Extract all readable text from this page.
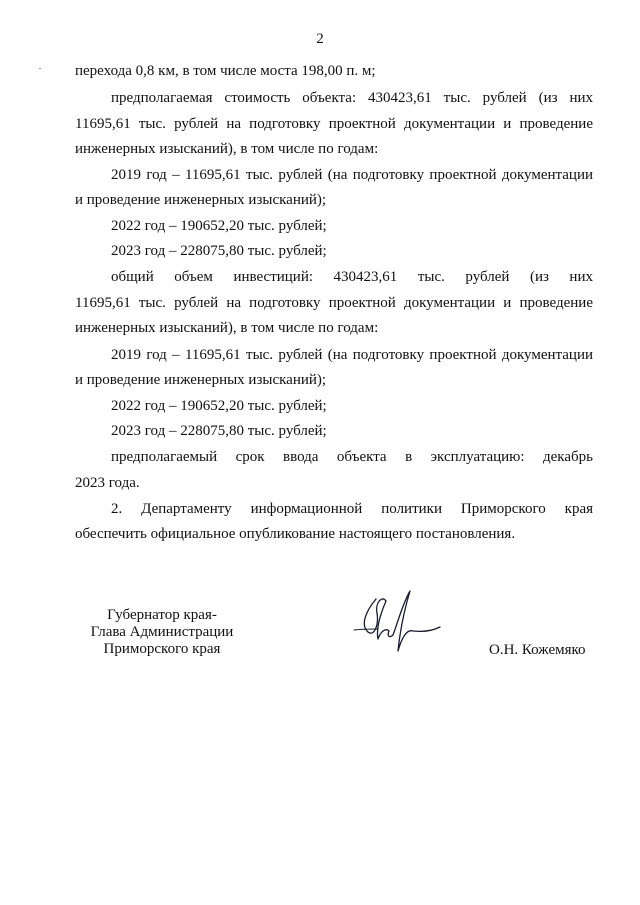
2
перехода 0,8 км, в том числе моста 198,00 п. м;
предполагаемая стоимость объекта: 430423,61 тыс. рублей (из них
11695,61 тыс. рублей на подготовку проектной документации и проведение
инженерных изысканий), в том числе по годам:
2019 год – 11695,61 тыс. рублей (на подготовку проектной документации
и проведение инженерных изысканий);
2022 год – 190652,20 тыс. рублей;
2023 год – 228075,80 тыс. рублей;
общий объем инвестиций: 430423,61 тыс. рублей (из них
11695,61 тыс. рублей на подготовку проектной документации и проведение
инженерных изысканий), в том числе по годам:
2019 год – 11695,61 тыс. рублей (на подготовку проектной документации
и проведение инженерных изысканий);
2022 год – 190652,20 тыс. рублей;
2023 год – 228075,80 тыс. рублей;
предполагаемый срок ввода объекта в эксплуатацию: декабрь
2023 года.
2. Департаменту информационной политики Приморского края
обеспечить официальное опубликование настоящего постановления.
Губернатор края-
Глава Администрации
Приморского края	О.Н. Кожемяко
